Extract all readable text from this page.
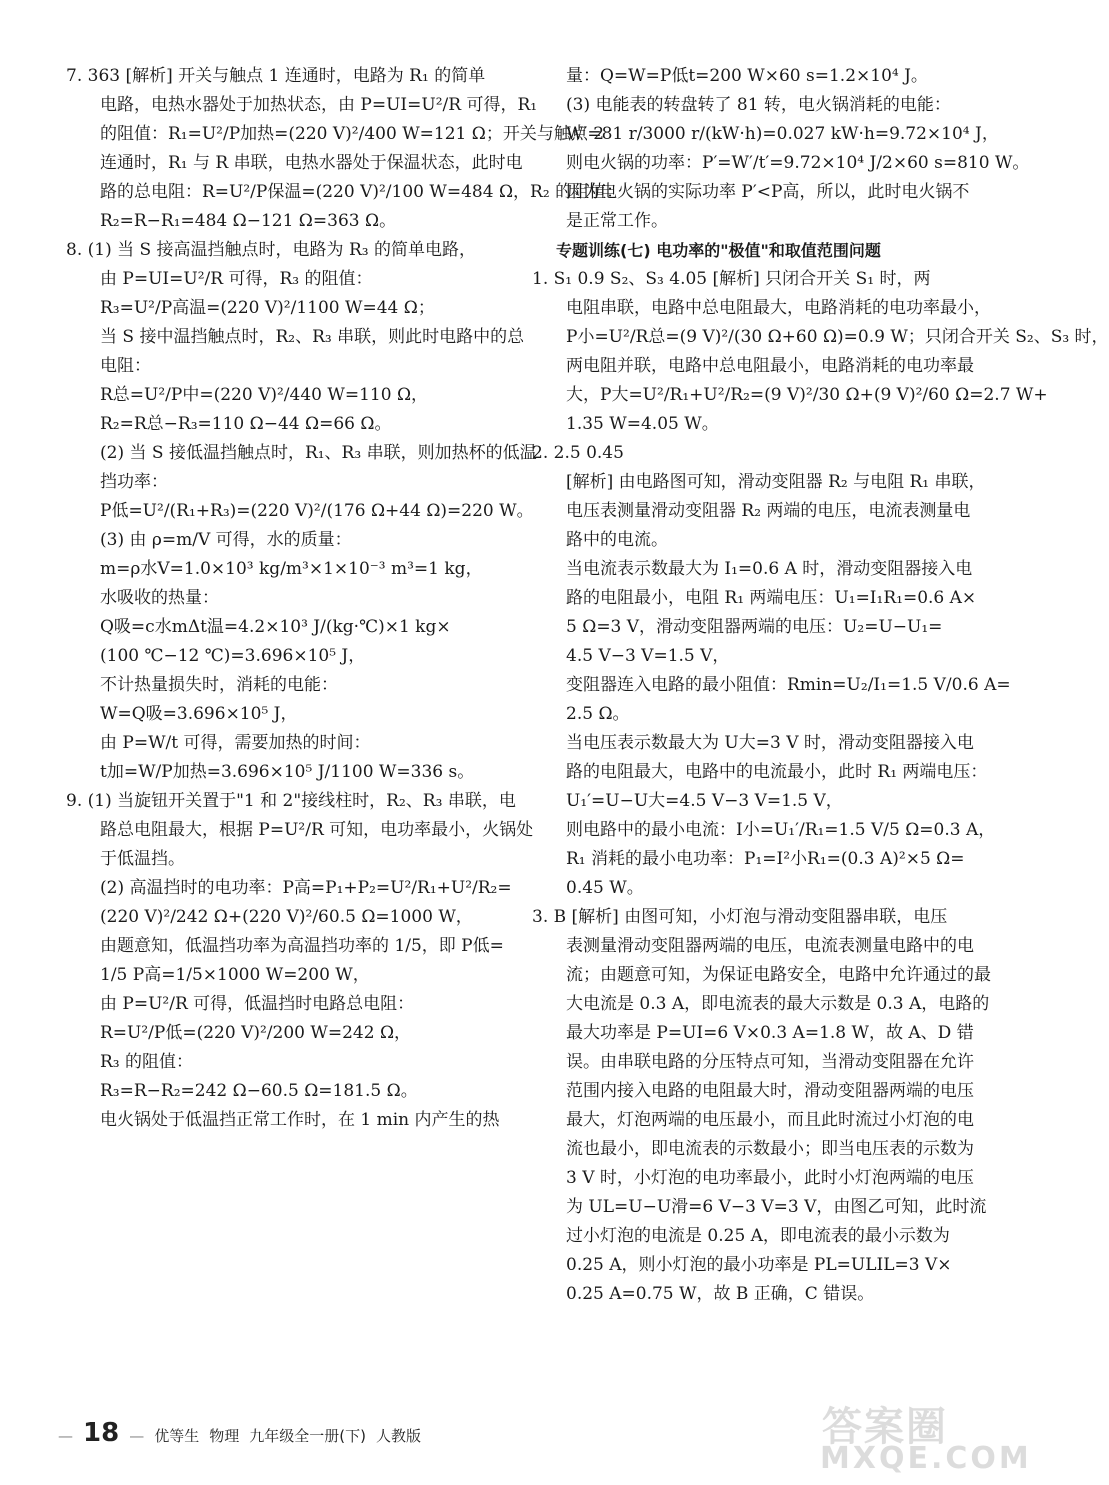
7. 363 [解析] 开关与触点 1 连通时，电路为 R₁ 的简单
电路，电热水器处于加热状态，由 P=UI=U²/R 可得，R₁
的阻值：R₁=U²/P加热=(220 V)²/400 W=121 Ω；开关与触点 2
连通时，R₁ 与 R 串联，电热水器处于保温状态，此时电
路的总电阻：R=U²/P保温=(220 V)²/100 W=484 Ω，R₂ 的阻值：
R₂=R−R₁=484 Ω−121 Ω=363 Ω。
8. (1) 当 S 接高温挡触点时，电路为 R₃ 的简单电路，
由 P=UI=U²/R 可得，R₃ 的阻值：
R₃=U²/P高温=(220 V)²/1100 W=44 Ω；
当 S 接中温挡触点时，R₂、R₃ 串联，则此时电路中的总
电阻：
R总=U²/P中=(220 V)²/440 W=110 Ω，
R₂=R总−R₃=110 Ω−44 Ω=66 Ω。
(2) 当 S 接低温挡触点时，R₁、R₃ 串联，则加热杯的低温
挡功率：
P低=U²/(R₁+R₃)=(220 V)²/(176 Ω+44 Ω)=220 W。
(3) 由 ρ=m/V 可得，水的质量：
m=ρ水V=1.0×10³ kg/m³×1×10⁻³ m³=1 kg，
水吸收的热量：
Q吸=c水mΔt温=4.2×10³ J/(kg·℃)×1 kg×
(100 ℃−12 ℃)=3.696×10⁵ J，
不计热量损失时，消耗的电能：
W=Q吸=3.696×10⁵ J，
由 P=W/t 可得，需要加热的时间：
t加=W/P加热=3.696×10⁵ J/1100 W=336 s。
9. (1) 当旋钮开关置于"1 和 2"接线柱时，R₂、R₃ 串联，电
路总电阻最大，根据 P=U²/R 可知，电功率最小，火锅处
于低温挡。
(2) 高温挡时的电功率：P高=P₁+P₂=U²/R₁+U²/R₂=
(220 V)²/242 Ω+(220 V)²/60.5 Ω=1000 W，
由题意知，低温挡功率为高温挡功率的 1/5，即 P低=
1/5 P高=1/5×1000 W=200 W，
由 P=U²/R 可得，低温挡时电路总电阻：
R=U²/P低=(220 V)²/200 W=242 Ω，
R₃ 的阻值：
R₃=R−R₂=242 Ω−60.5 Ω=181.5 Ω。
电火锅处于低温挡正常工作时，在 1 min 内产生的热
量：Q=W=P低t=200 W×60 s=1.2×10⁴ J。
(3) 电能表的转盘转了 81 转，电火锅消耗的电能：
W′=81 r/3000 r/(kW·h)=0.027 kW·h=9.72×10⁴ J，
则电火锅的功率：P′=W′/t′=9.72×10⁴ J/2×60 s=810 W。
因为电火锅的实际功率 P′<P高，所以，此时电火锅不
是正常工作。
专题训练(七) 电功率的"极值"和取值范围问题
1. S₁ 0.9 S₂、S₃ 4.05 [解析] 只闭合开关 S₁ 时，两
电阻串联，电路中总电阻最大，电路消耗的电功率最小，
P小=U²/R总=(9 V)²/(30 Ω+60 Ω)=0.9 W；只闭合开关 S₂、S₃ 时，
两电阻并联，电路中总电阻最小，电路消耗的电功率最
大，P大=U²/R₁+U²/R₂=(9 V)²/30 Ω+(9 V)²/60 Ω=2.7 W+
1.35 W=4.05 W。
2. 2.5 0.45
[解析] 由电路图可知，滑动变阻器 R₂ 与电阻 R₁ 串联，
电压表测量滑动变阻器 R₂ 两端的电压，电流表测量电
路中的电流。
当电流表示数最大为 I₁=0.6 A 时，滑动变阻器接入电
路的电阻最小，电阻 R₁ 两端电压：U₁=I₁R₁=0.6 A×
5 Ω=3 V，滑动变阻器两端的电压：U₂=U−U₁=
4.5 V−3 V=1.5 V，
变阻器连入电路的最小阻值：Rmin=U₂/I₁=1.5 V/0.6 A=
2.5 Ω。
当电压表示数最大为 U大=3 V 时，滑动变阻器接入电
路的电阻最大，电路中的电流最小，此时 R₁ 两端电压：
U₁′=U−U大=4.5 V−3 V=1.5 V，
则电路中的最小电流：I小=U₁′/R₁=1.5 V/5 Ω=0.3 A，
R₁ 消耗的最小电功率：P₁=I²小R₁=(0.3 A)²×5 Ω=
0.45 W。
3. B [解析] 由图可知，小灯泡与滑动变阻器串联，电压
表测量滑动变阻器两端的电压，电流表测量电路中的电
流；由题意可知，为保证电路安全，电路中允许通过的最
大电流是 0.3 A，即电流表的最大示数是 0.3 A，电路的
最大功率是 P=UI=6 V×0.3 A=1.8 W，故 A、D 错
误。由串联电路的分压特点可知，当滑动变阻器在允许
范围内接入电路的电阻最大时，滑动变阻器两端的电压
最大，灯泡两端的电压最小，而且此时流过小灯泡的电
流也最小，即电流表的示数最小；即当电压表的示数为
3 V 时，小灯泡的电功率最小，此时小灯泡两端的电压
为 UL=U−U滑=6 V−3 V=3 V，由图乙可知，此时流
过小灯泡的电流是 0.25 A，即电流表的最小示数为
0.25 A，则小灯泡的最小功率是 PL=ULIL=3 V×
0.25 A=0.75 W，故 B 正确，C 错误。
— 18 — 优等生 物理 九年级全一册(下) 人教版	答案圈
MXQE.COM
